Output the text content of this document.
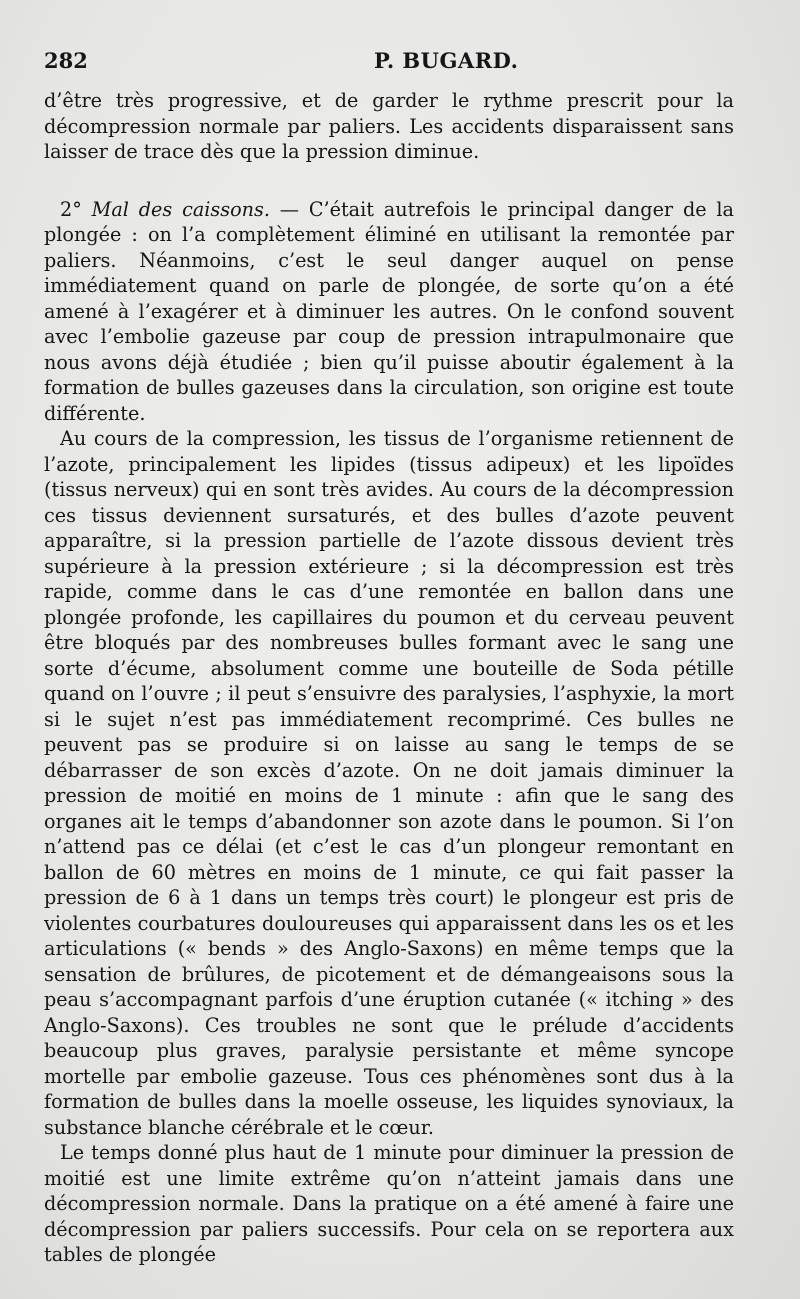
282	P. BUGARD.

d’être très progressive, et de garder le rythme prescrit pour la décompression normale par paliers. Les accidents disparaissent sans laisser de trace dès que la pression diminue.

2° Mal des caissons. — C’était autrefois le principal danger de la plongée : on l’a complètement éliminé en utilisant la remontée par paliers. Néanmoins, c’est le seul danger auquel on pense immédiatement quand on parle de plongée, de sorte qu’on a été amené à l’exagérer et à diminuer les autres. On le confond souvent avec l’embolie gazeuse par coup de pression intrapulmonaire que nous avons déjà étudiée ; bien qu’il puisse aboutir également à la formation de bulles gazeuses dans la circulation, son origine est toute différente.

Au cours de la compression, les tissus de l’organisme retiennent de l’azote, principalement les lipides (tissus adipeux) et les lipoïdes (tissus nerveux) qui en sont très avides. Au cours de la décompression ces tissus deviennent sursaturés, et des bulles d’azote peuvent apparaître, si la pression partielle de l’azote dissous devient très supérieure à la pression extérieure ; si la décompression est très rapide, comme dans le cas d’une remontée en ballon dans une plongée profonde, les capillaires du poumon et du cerveau peuvent être bloqués par des nombreuses bulles formant avec le sang une sorte d’écume, absolument comme une bouteille de Soda pétille quand on l’ouvre ; il peut s’ensuivre des paralysies, l’asphyxie, la mort si le sujet n’est pas immédiatement recomprimé. Ces bulles ne peuvent pas se produire si on laisse au sang le temps de se débarrasser de son excès d’azote. On ne doit jamais diminuer la pression de moitié en moins de 1 minute : afin que le sang des organes ait le temps d’abandonner son azote dans le poumon. Si l’on n’attend pas ce délai (et c’est le cas d’un plongeur remontant en ballon de 60 mètres en moins de 1 minute, ce qui fait passer la pression de 6 à 1 dans un temps très court) le plongeur est pris de violentes courbatures douloureuses qui apparaissent dans les os et les articulations (« bends » des Anglo-Saxons) en même temps que la sensation de brûlures, de picotement et de démangeaisons sous la peau s’accompagnant parfois d’une éruption cutanée (« itching » des Anglo-Saxons). Ces troubles ne sont que le prélude d’accidents beaucoup plus graves, paralysie persistante et même syncope mortelle par embolie gazeuse. Tous ces phénomènes sont dus à la formation de bulles dans la moelle osseuse, les liquides synoviaux, la substance blanche cérébrale et le cœur.

Le temps donné plus haut de 1 minute pour diminuer la pression de moitié est une limite extrême qu’on n’atteint jamais dans une décompression normale. Dans la pratique on a été amené à faire une décompression par paliers successifs. Pour cela on se reportera aux tables de plongée
